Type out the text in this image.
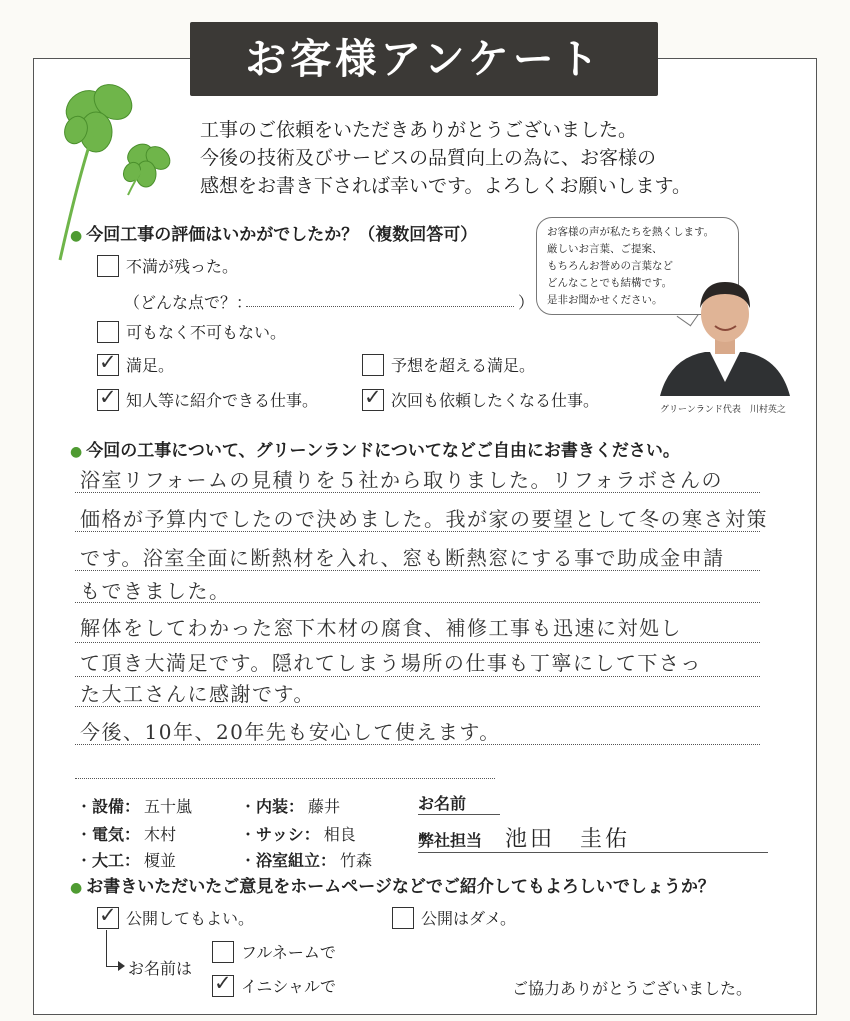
お客様アンケート
工事のご依頼をいただきありがとうございました。
今後の技術及びサービスの品質向上の為に、お客様の
感想をお書き下されば幸いです。よろしくお願いします。
● 今回工事の評価はいかがでしたか？（複数回答可）
不満が残った。
（どんな点で？：	）
可もなく不可もない。
✓
満足。	予想を超える満足。
✓
知人等に紹介できる仕事。
✓	次回も依頼したくなる仕事。
お客様の声が私たちを熱くします。
厳しいお言葉、ご提案、
もちろんお誉めの言葉など
どんなことでも結構です。
是非お聞かせください。
グリーンランド代表　川村英之
● 今回の工事について、グリーンランドについてなどご自由にお書きください。
浴室リフォームの見積りを５社から取りました。リフォラボさんの
価格が予算内でしたので決めました。我が家の要望として冬の寒さ対策
です。浴室全面に断熱材を入れ、窓も断熱窓にする事で助成金申請
もできました。
解体をしてわかった窓下木材の腐食、補修工事も迅速に対処し
て頂き大満足です。隠れてしまう場所の仕事も丁寧にして下さっ
た大工さんに感謝です。
今後、10年、20年先も安心して使えます。
・設備： 五十嵐	・内装： 藤井
・電気： 木村	・サッシ： 相良
・大工： 榎並	・浴室組立： 竹森
お名前
弊社担当 池田　圭佑
● お書きいただいたご意見をホームページなどでご紹介してもよろしいでしょうか？
✓
公開してもよい。	公開はダメ。
お名前は
フルネームで
✓
イニシャルで	ご協力ありがとうございました。
